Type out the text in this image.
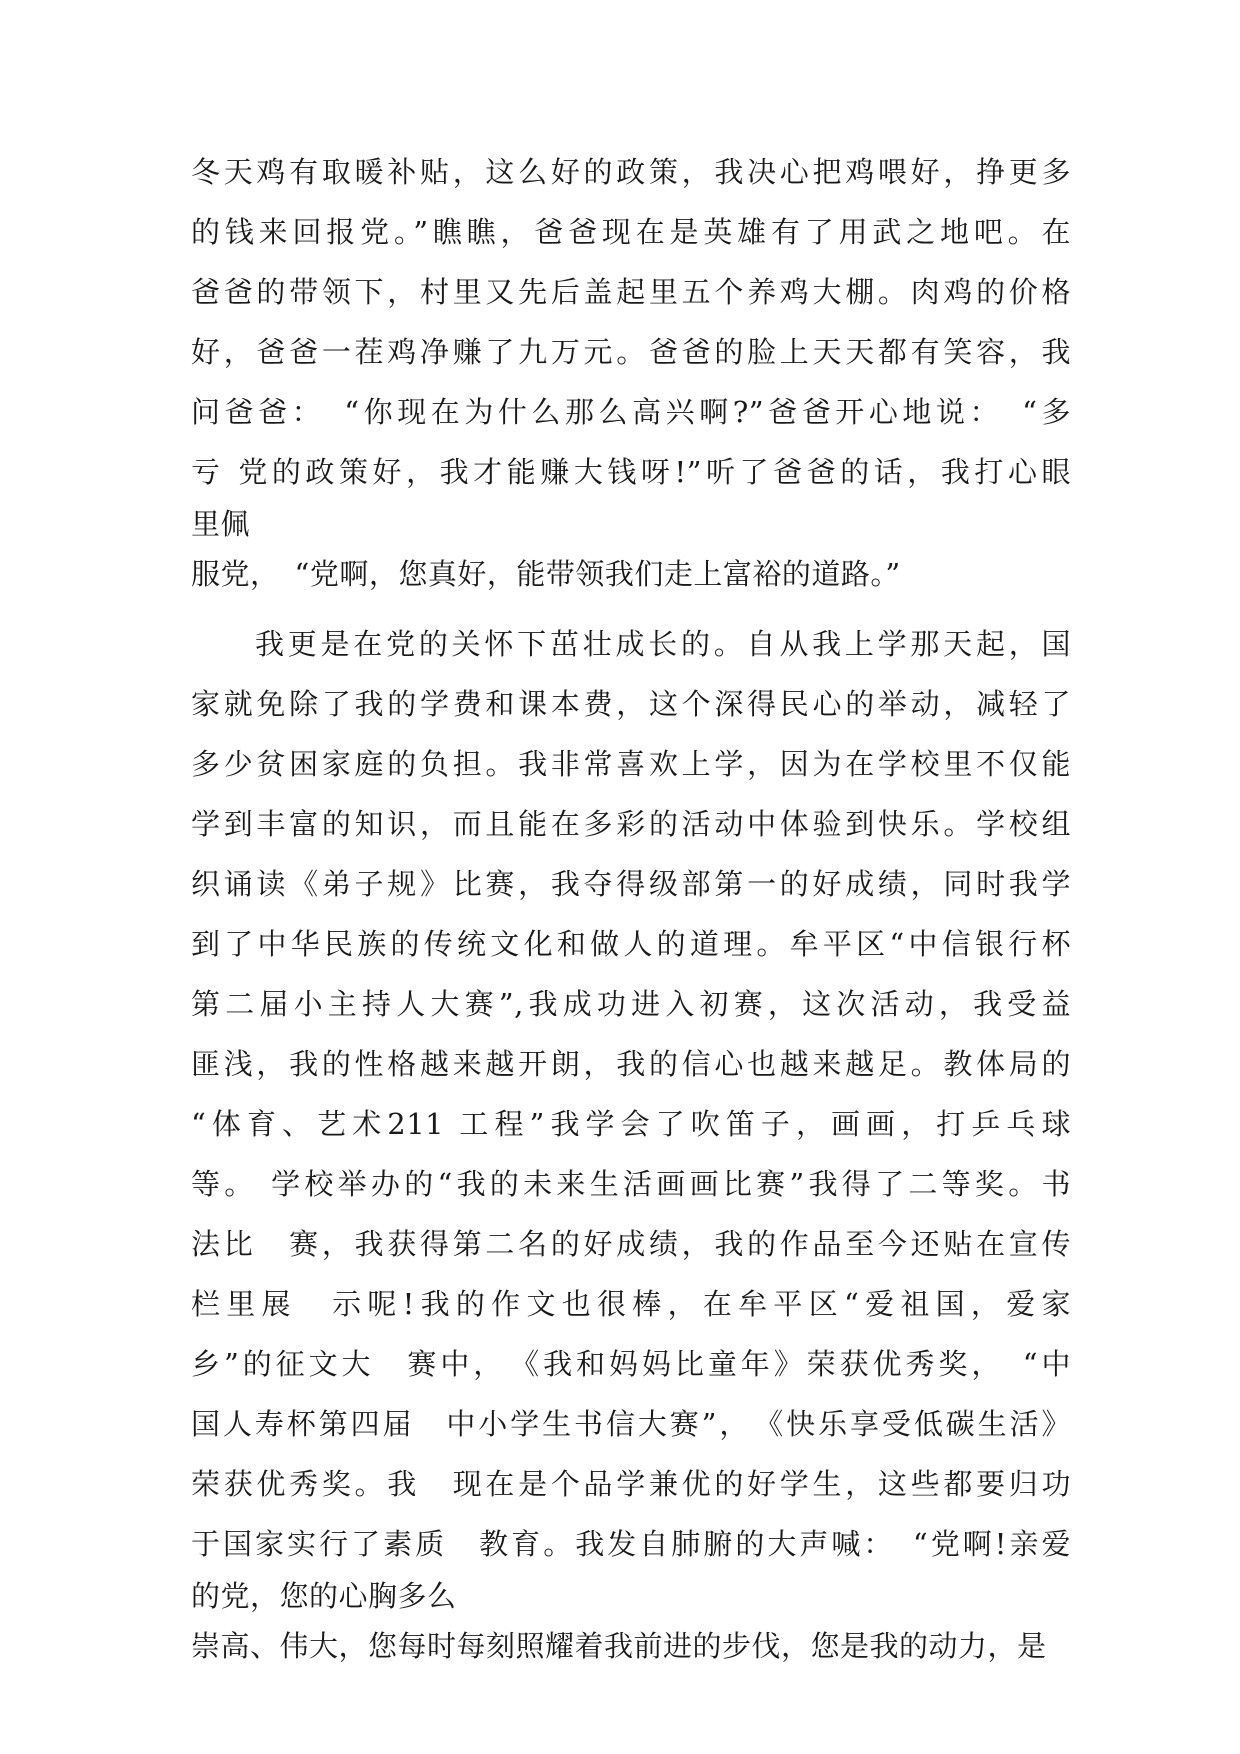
冬天鸡有取暖补贴，这么好的政策，我决心把鸡喂好，挣更多
的钱来回报党。”瞧瞧，爸爸现在是英雄有了用武之地吧。在
爸爸的带领下，村里又先后盖起里五个养鸡大棚。肉鸡的价格
好，爸爸一茬鸡净赚了九万元。爸爸的脸上天天都有笑容，我
问爸爸：　“你现在为什么那么高兴啊?”爸爸开心地说：　“多
亏 党的政策好，我才能赚大钱呀!”听了爸爸的话，我打心眼
里佩
服党，　“党啊，您真好，能带领我们走上富裕的道路。”
我更是在党的关怀下茁壮成长的。自从我上学那天起，国
家就免除了我的学费和课本费，这个深得民心的举动，减轻了
多少贫困家庭的负担。我非常喜欢上学，因为在学校里不仅能
学到丰富的知识，而且能在多彩的活动中体验到快乐。学校组
织诵读《弟子规》比赛，我夺得级部第一的好成绩，同时我学
到了中华民族的传统文化和做人的道理。牟平区“中信银行杯
第二届小主持人大赛”,我成功进入初赛，这次活动，我受益
匪浅，我的性格越来越开朗，我的信心也越来越足。教体局的
“体育、艺术211 工程”我学会了吹笛子，画画，打乒乓球
等。 学校举办的“我的未来生活画画比赛”我得了二等奖。书
法比　赛，我获得第二名的好成绩，我的作品至今还贴在宣传
栏里展　示呢!我的作文也很棒，在牟平区“爱祖国，爱家
乡”的征文大　赛中，　《我和妈妈比童年》荣获优秀奖，　“中
国人寿杯第四届　中小学生书信大赛”，　《快乐享受低碳生活》
荣获优秀奖。我　现在是个品学兼优的好学生，这些都要归功
于国家实行了素质　教育。我发自肺腑的大声喊：　“党啊!亲爱
的党，您的心胸多么
崇高、伟大，您每时每刻照耀着我前进的步伐，您是我的动力，是
